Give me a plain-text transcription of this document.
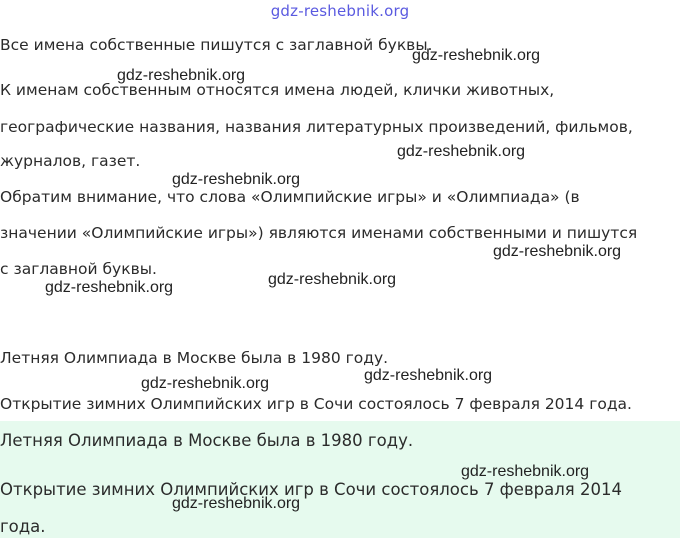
gdz-reshebnik.org
Все имена собственные пишутся с заглавной буквы.
К именам собственным относятся имена людей, клички животных,
географические названия, названия литературных произведений, фильмов,
журналов, газет.
Обратим внимание, что слова «Олимпийские игры» и «Олимпиада» (в
значении «Олимпийские игры») являются именами собственными и пишутся
с заглавной буквы.
Летняя Олимпиада в Москве была в 1980 году.
Открытие зимних Олимпийских игр в Сочи состоялось 7 февраля 2014 года.
Летняя Олимпиада в Москве была в 1980 году.
Открытие зимних Олимпийских игр в Сочи состоялось 7 февраля 2014
года.
gdz-reshebnik.org
gdz-reshebnik.org
gdz-reshebnik.org
gdz-reshebnik.org
gdz-reshebnik.org
gdz-reshebnik.org
gdz-reshebnik.org
gdz-reshebnik.org
gdz-reshebnik.org
gdz-reshebnik.org
gdz-reshebnik.org
